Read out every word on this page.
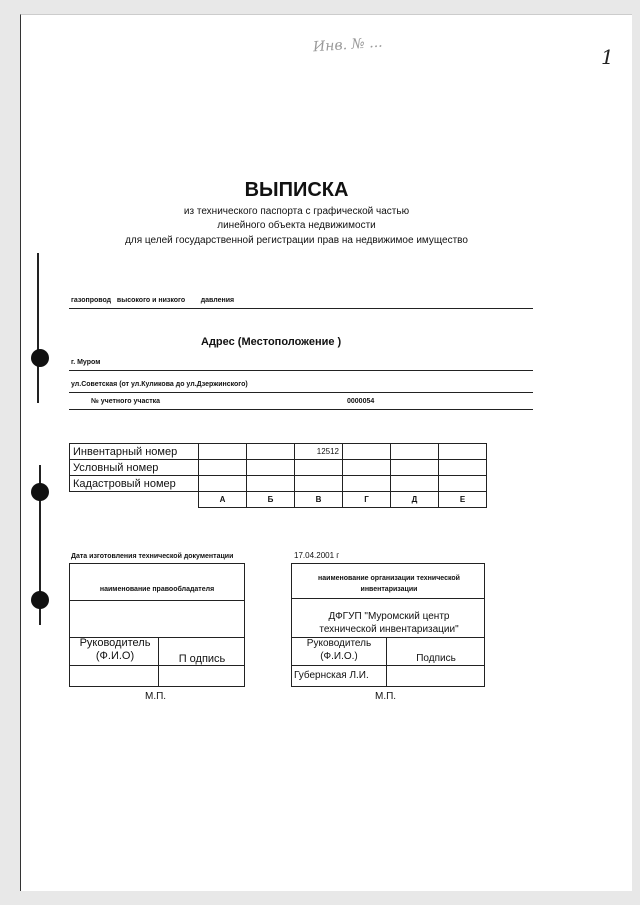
Инв. № ...	1
ВЫПИСКА
из технического паспорта с графической частью
линейного объекта недвижимости
для целей государственной регистрации прав на недвижимое имущество
газопровод   высокого и низкого        давления
Адрес (Местоположение )
г. Муром
ул.Советская (от ул.Куликова до ул.Дзержинского)
№ учетного участка	0000054
Инвентарный номер			12512			
Условный номер						
Кадастровый номер						
	А	Б	В	Г	Д	Е
Дата изготовления технической документации	17.04.2001 г
наименование правообладателя
Руководитель
(Ф.И.О)	П одпись
М.П.
наименование организации технической инвентаризации
ДФГУП "Муромский центр технической инвентаризации"
Руководитель
(Ф.И.О.)	Подпись
Губернская Л.И.
М.П.
